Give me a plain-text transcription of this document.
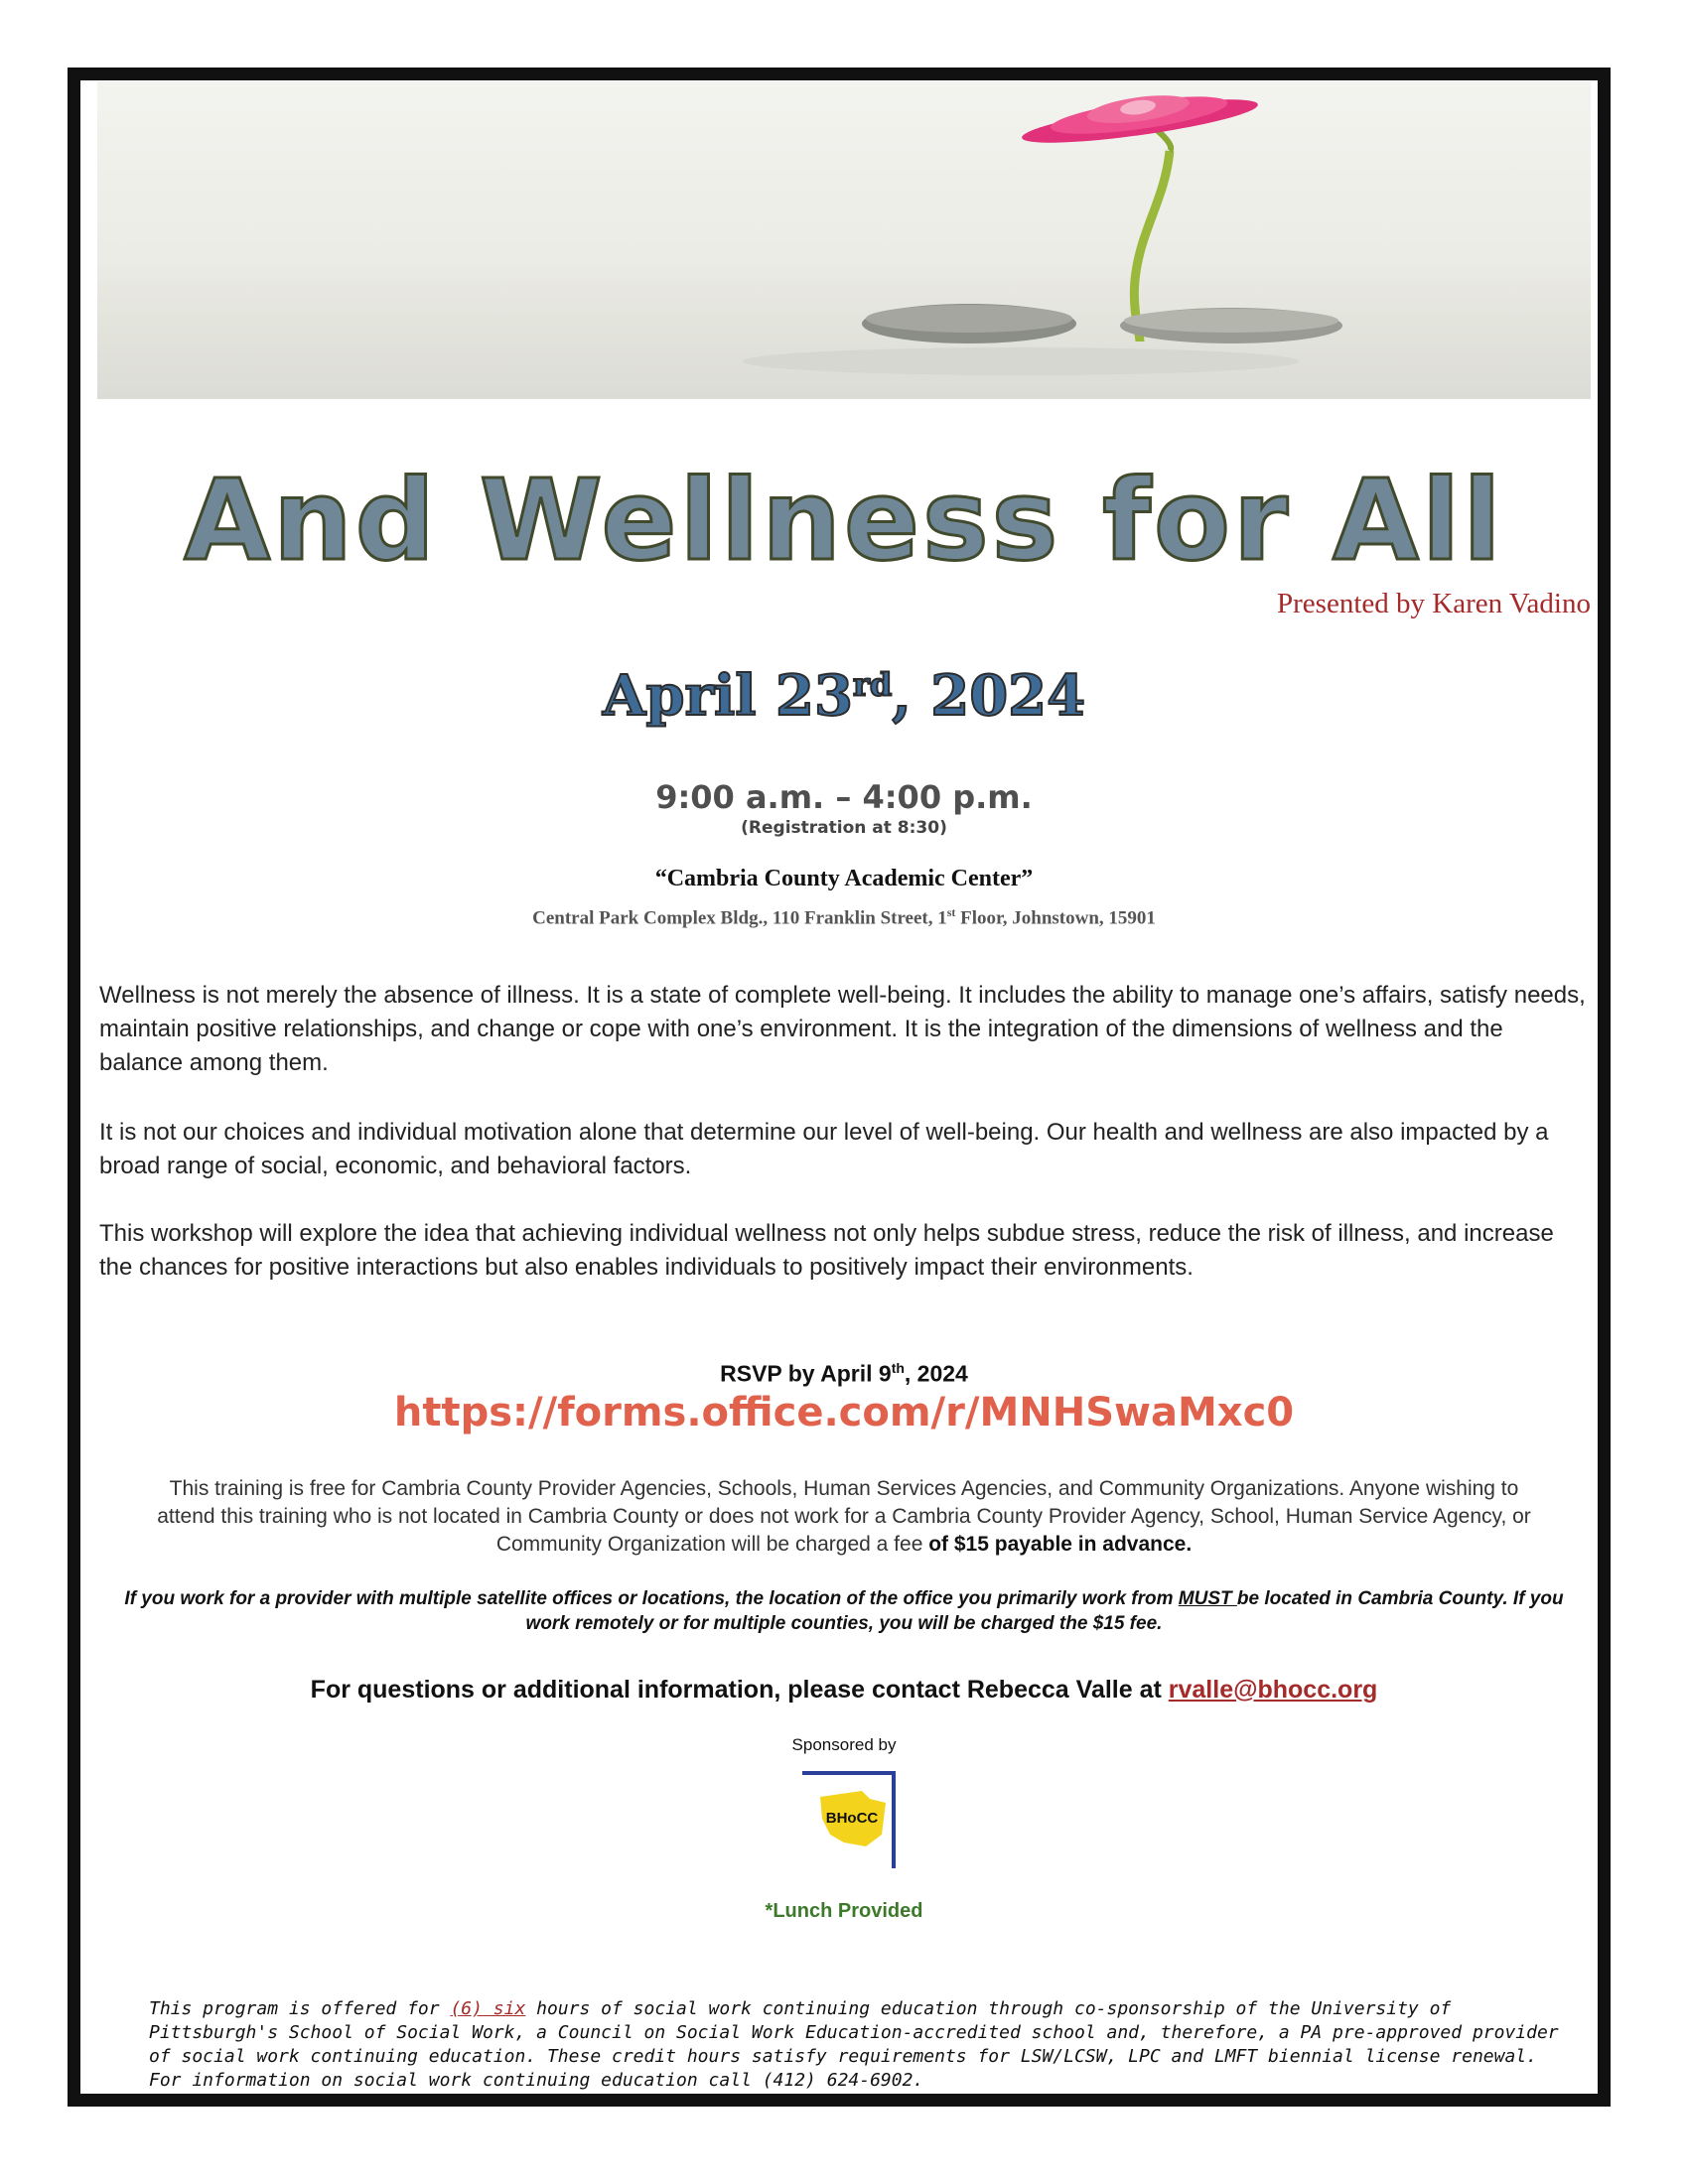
And Wellness for All
Presented by Karen Vadino
April 23rd, 2024
9:00 a.m. – 4:00 p.m.
(Registration at 8:30)
“Cambria County Academic Center”
Central Park Complex Bldg., 110 Franklin Street, 1st Floor, Johnstown, 15901

Wellness is not merely the absence of illness. It is a state of complete well-being. It includes the ability to manage one’s affairs, satisfy needs, maintain positive relationships, and change or cope with one’s environment. It is the integration of the dimensions of wellness and the balance among them.

It is not our choices and individual motivation alone that determine our level of well-being. Our health and wellness are also impacted by a broad range of social, economic, and behavioral factors.

This workshop will explore the idea that achieving individual wellness not only helps subdue stress, reduce the risk of illness, and increase the chances for positive interactions but also enables individuals to positively impact their environments.

RSVP by April 9th, 2024
https://forms.office.com/r/MNHSwaMxc0
This training is free for Cambria County Provider Agencies, Schools, Human Services Agencies, and Community Organizations. Anyone wishing to attend this training who is not located in Cambria County or does not work for a Cambria County Provider Agency, School, Human Service Agency, or Community Organization will be charged a fee of $15 payable in advance.
If you work for a provider with multiple satellite offices or locations, the location of the office you primarily work from MUST be located in Cambria County. If you work remotely or for multiple counties, you will be charged the $15 fee.
For questions or additional information, please contact Rebecca Valle at rvalle@bhocc.org
Sponsored by
BHoCC
*Lunch Provided
This program is offered for (6) six hours of social work continuing education through co-sponsorship of the University of Pittsburgh's School of Social Work, a Council on Social Work Education-accredited school and, therefore, a PA pre-approved provider of social work continuing education. These credit hours satisfy requirements for LSW/LCSW, LPC and LMFT biennial license renewal. For information on social work continuing education call (412) 624-6902.
